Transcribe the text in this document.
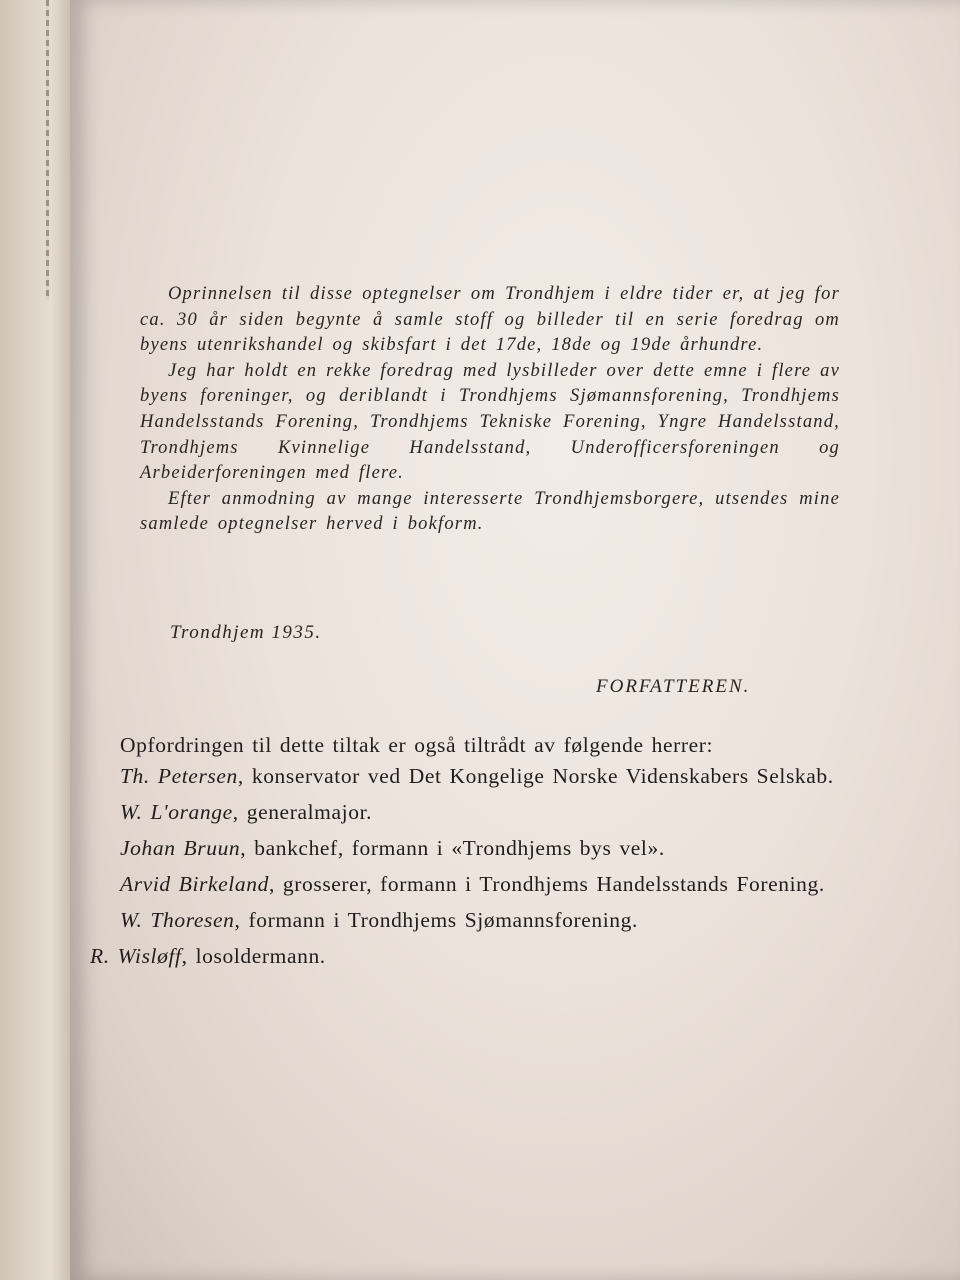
Oprinnelsen til disse optegnelser om Trondhjem i eldre tider er, at jeg for ca. 30 år siden begynte å samle stoff og billeder til en serie foredrag om byens utenrikshandel og skibsfart i det 17de, 18de og 19de århundre.

Jeg har holdt en rekke foredrag med lysbilleder over dette emne i flere av byens foreninger, og deriblandt i Trondhjems Sjømannsforening, Trondhjems Handelsstands Forening, Trondhjems Tekniske Forening, Yngre Handelsstand, Trondhjems Kvinnelige Handelsstand, Underofficersforeningen og Arbeiderforeningen med flere.

Efter anmodning av mange interesserte Trondhjemsborgere, utsendes mine samlede optegnelser herved i bokform.

Trondhjem 1935.
FORFATTEREN.

Opfordringen til dette tiltak er også tiltrådt av følgende herrer:

Th. Petersen, konservator ved Det Kongelige Norske Videnskabers Selskab.

W. L'orange, generalmajor.

Johan Bruun, bankchef, formann i «Trondhjems bys vel».

Arvid Birkeland, grosserer, formann i Trondhjems Handelsstands Forening.

W. Thoresen, formann i Trondhjems Sjømannsforening.

R. Wisløff, losoldermann.
